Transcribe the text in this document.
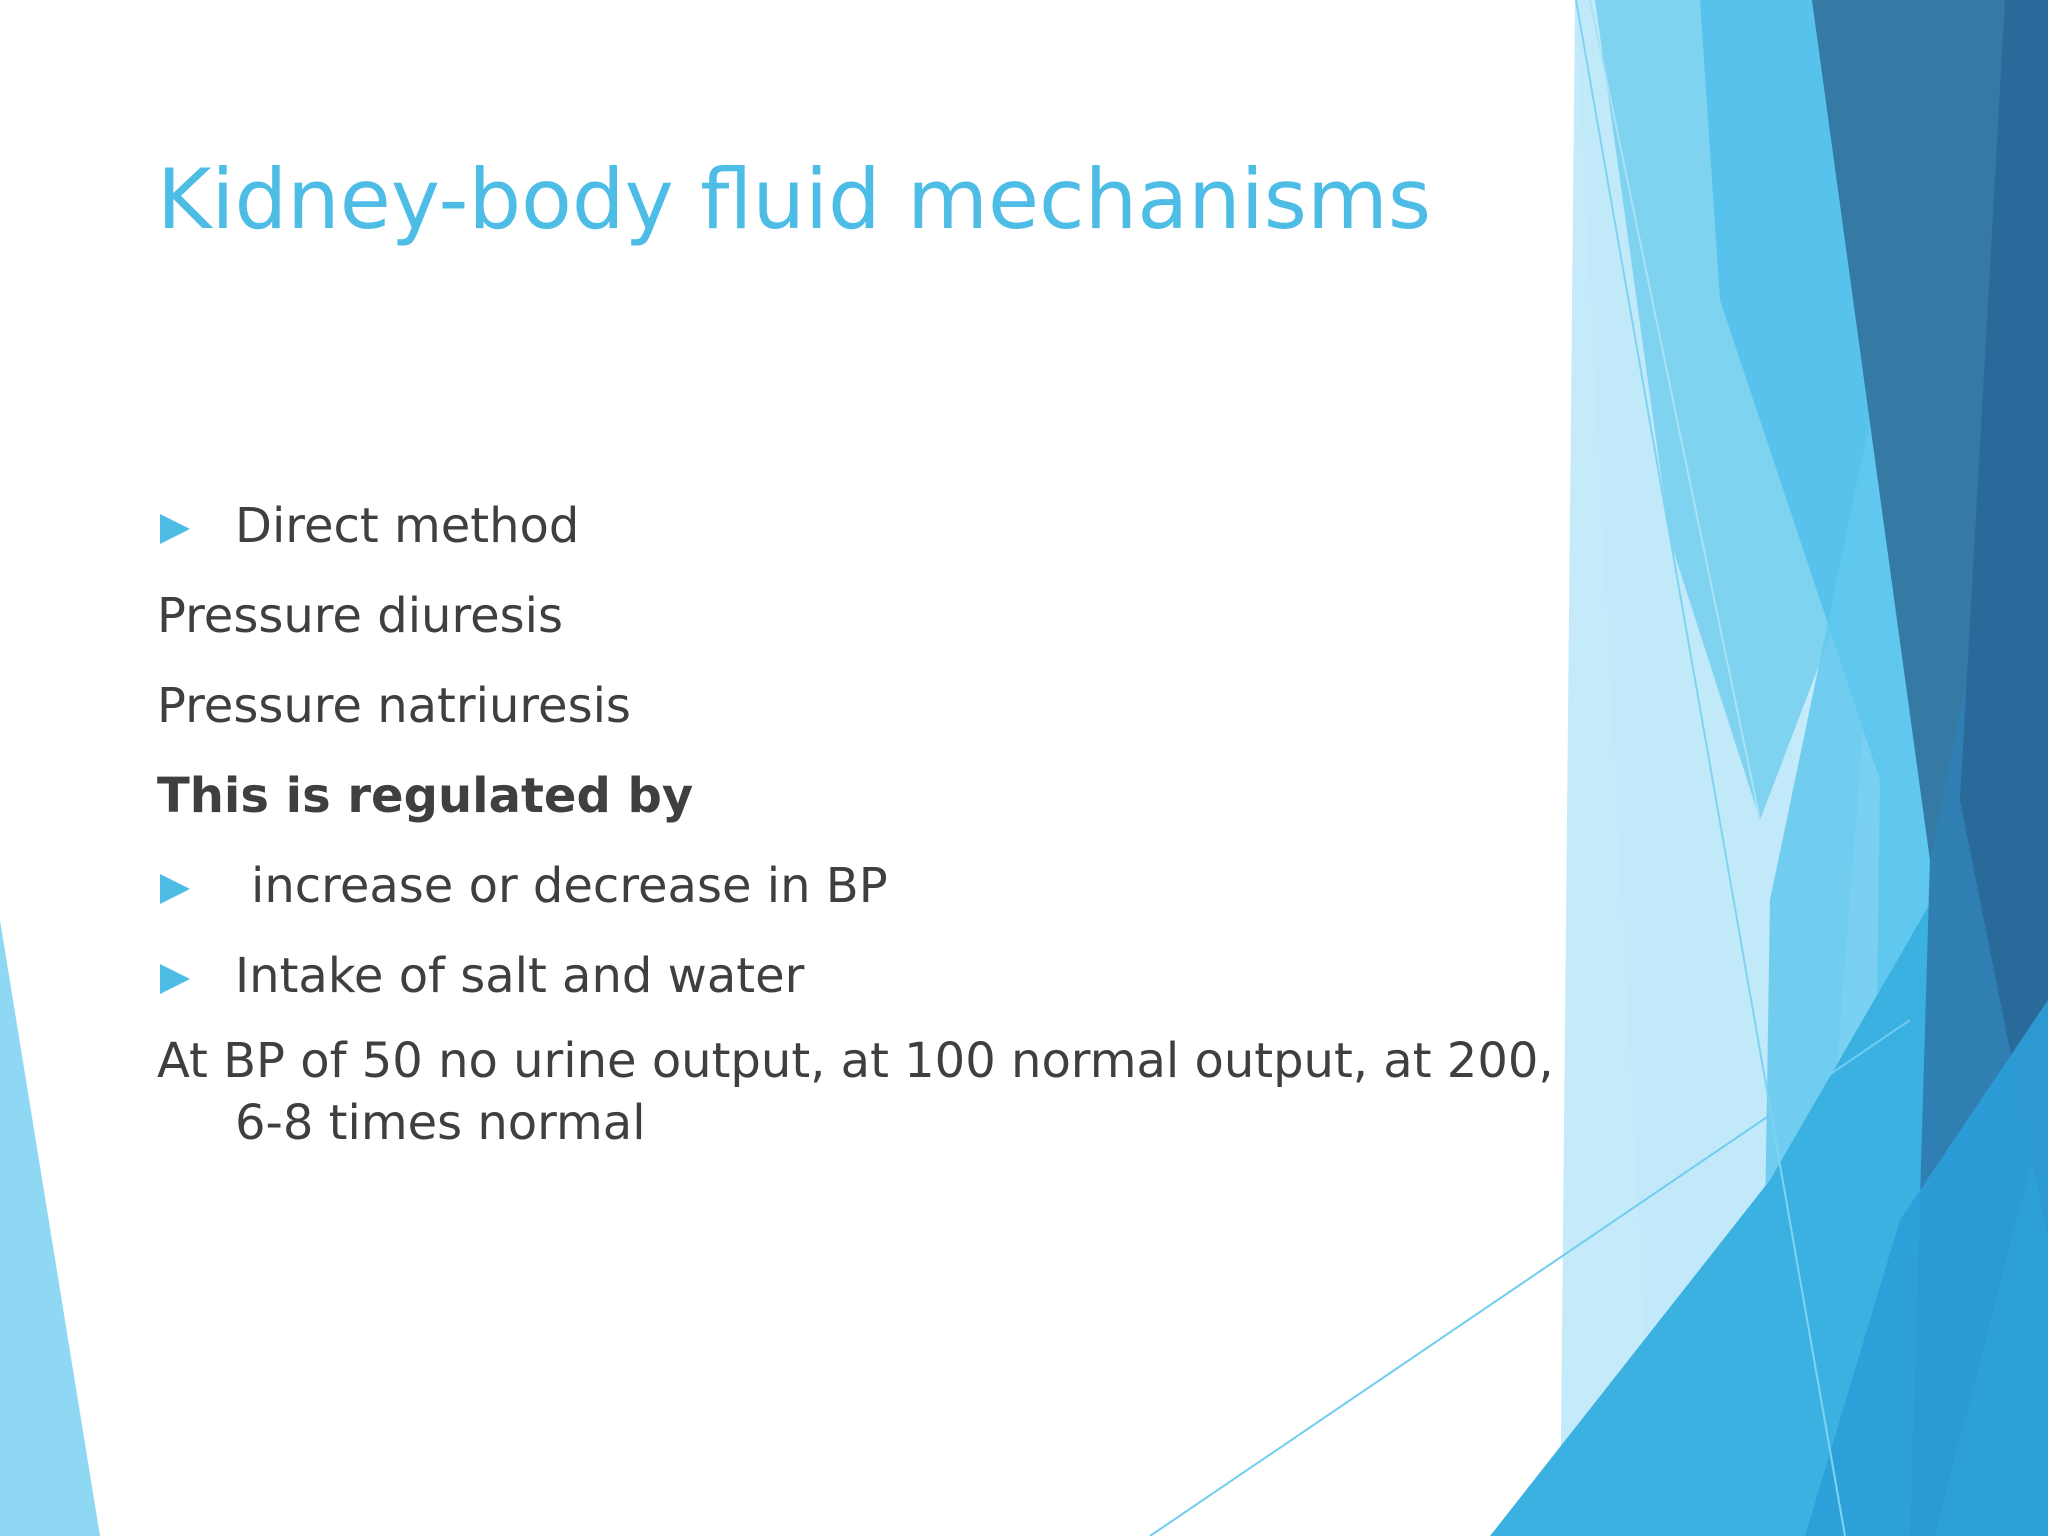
Kidney-body fluid mechanisms
Direct method
Pressure diuresis
Pressure natriuresis
This is regulated by
increase or decrease in BP
Intake of salt and water
At BP of 50 no urine output, at 100 normal output, at 200, 6-8 times normal
